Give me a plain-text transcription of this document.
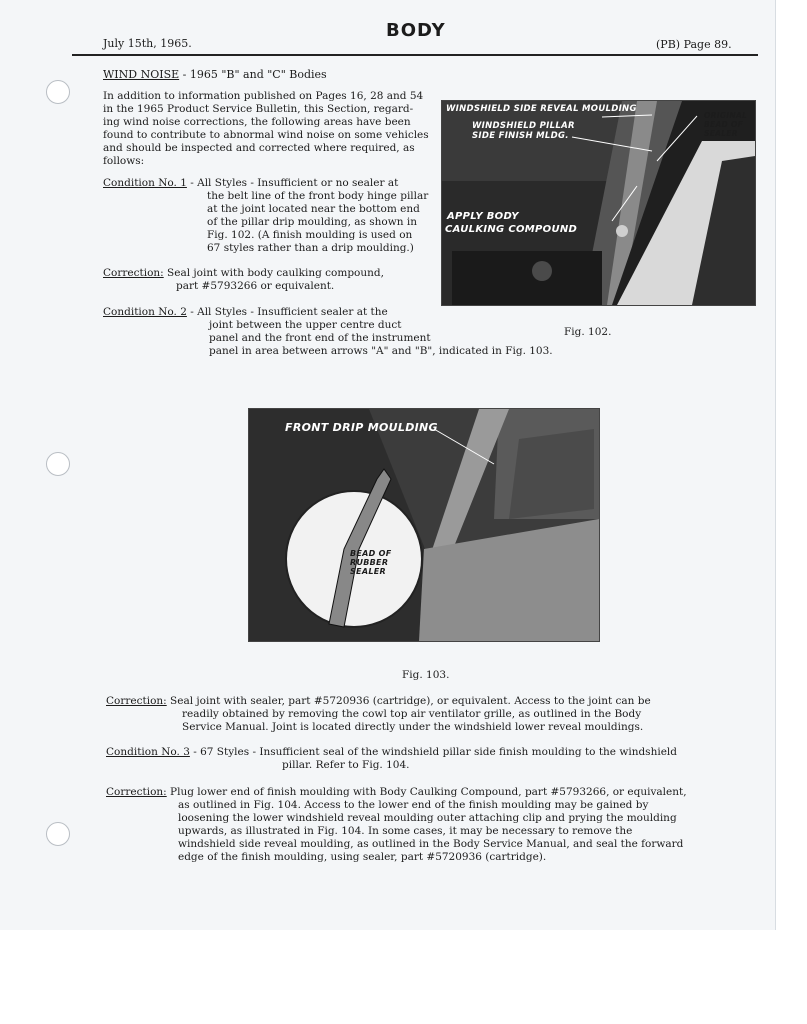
July 15th, 1965.

BODY

(PB) Page 89.

WIND NOISE - 1965 "B" and "C" Bodies

In addition to information published on Pages 16, 28 and 54

in the 1965 Product Service Bulletin, this Section, regard-

ing wind noise corrections, the following areas have been

found to contribute to abnormal wind noise on some vehicles

and should be inspected and corrected where required, as

follows:

Condition No. 1 - All Styles - Insufficient or no sealer at

the belt line of the front body hinge pillar

at the joint located near the bottom end

of the pillar drip moulding, as shown in

Fig. 102. (A finish moulding is used on

67 styles rather than a drip moulding.)

Correction: Seal joint with body caulking compound,

part #5793266 or equivalent.

Condition No. 2 - All Styles - Insufficient sealer at the

joint between the upper centre duct

panel and the front end of the instrument

panel in area between arrows "A" and "B", indicated in Fig. 103.

WINDSHIELD SIDE REVEAL MOULDING
WINDSHIELD PILLAR
SIDE FINISH MLDG.
APPLY BODY
CAULKING COMPOUND
ORIGINAL
BEAD OF
SEALER

Fig. 102.

FRONT DRIP MOULDING
BEAD OF
RUBBER
SEALER

Fig. 103.

Correction: Seal joint with sealer, part #5720936 (cartridge), or equivalent. Access to the joint can be

readily obtained by removing the cowl top air ventilator grille, as outlined in the Body

Service Manual. Joint is located directly under the windshield lower reveal mouldings.

Condition No. 3 - 67 Styles - Insufficient seal of the windshield pillar side finish moulding to the windshield

pillar. Refer to Fig. 104.

Correction: Plug lower end of finish moulding with Body Caulking Compound, part #5793266, or equivalent,

as outlined in Fig. 104. Access to the lower end of the finish moulding may be gained by

loosening the lower windshield reveal moulding outer attaching clip and prying the moulding

upwards, as illustrated in Fig. 104. In some cases, it may be necessary to remove the

windshield side reveal moulding, as outlined in the Body Service Manual, and seal the forward

edge of the finish moulding, using sealer, part #5720936 (cartridge).
